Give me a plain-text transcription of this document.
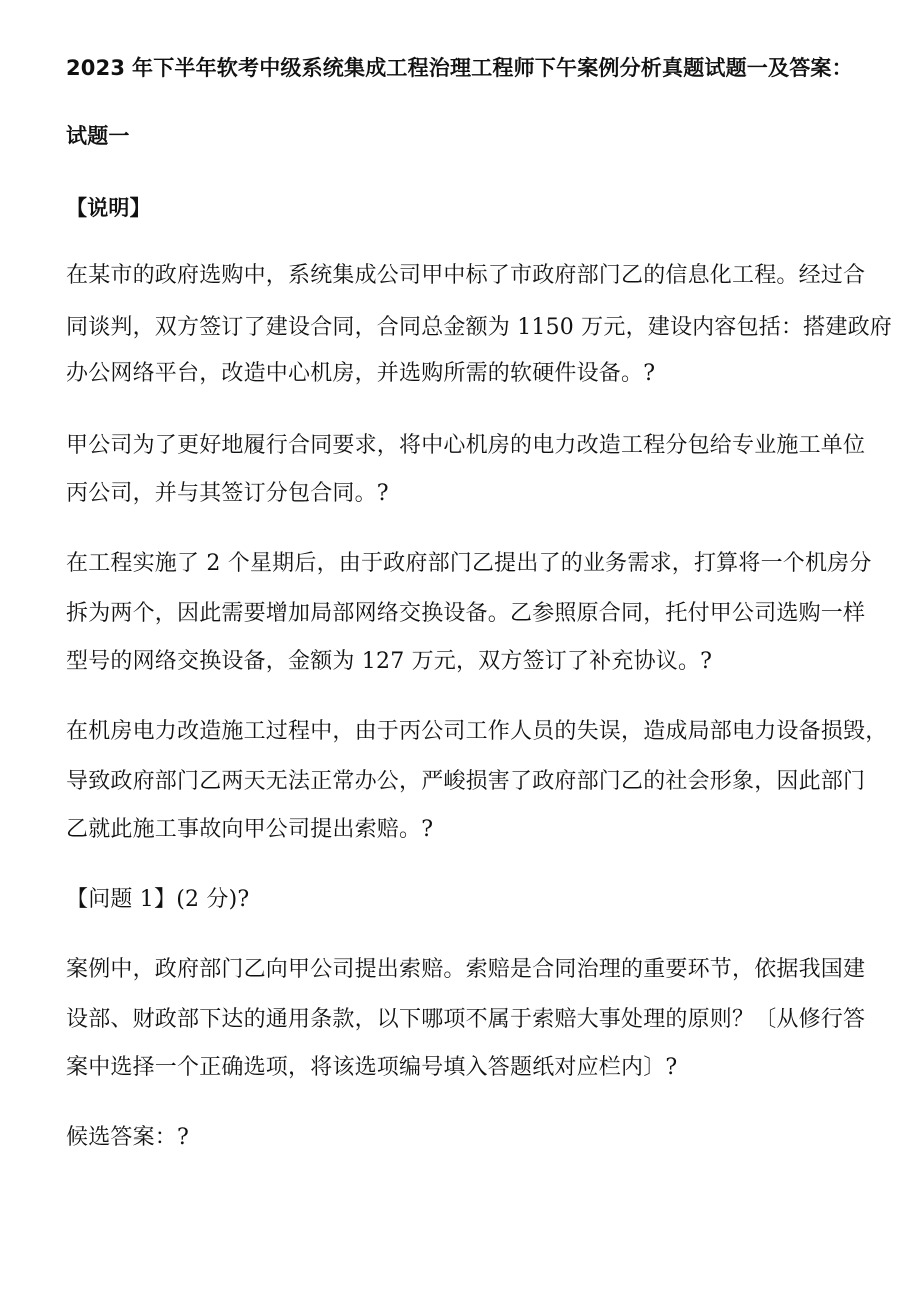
2023 年下半年软考中级系统集成工程治理工程师下午案例分析真题试题一及答案：
试题一
【说明】
在某市的政府选购中，系统集成公司甲中标了市政府部门乙的信息化工程。经过合
同谈判，双方签订了建设合同，合同总金额为 1150 万元，建设内容包括：搭建政府
办公网络平台，改造中心机房，并选购所需的软硬件设备。?
甲公司为了更好地履行合同要求，将中心机房的电力改造工程分包给专业施工单位
丙公司，并与其签订分包合同。?
在工程实施了 2 个星期后，由于政府部门乙提出了的业务需求，打算将一个机房分
拆为两个，因此需要增加局部网络交换设备。乙参照原合同，托付甲公司选购一样
型号的网络交换设备，金额为 127 万元，双方签订了补充协议。?
在机房电力改造施工过程中，由于丙公司工作人员的失误，造成局部电力设备损毁，
导致政府部门乙两天无法正常办公，严峻损害了政府部门乙的社会形象，因此部门
乙就此施工事故向甲公司提出索赔。?
【问题 1】(2 分)?
案例中，政府部门乙向甲公司提出索赔。索赔是合同治理的重要环节，依据我国建
设部、财政部下达的通用条款，以下哪项不属于索赔大事处理的原则？〔从修行答
案中选择一个正确选项，将该选项编号填入答题纸对应栏内〕?
候选答案：?
